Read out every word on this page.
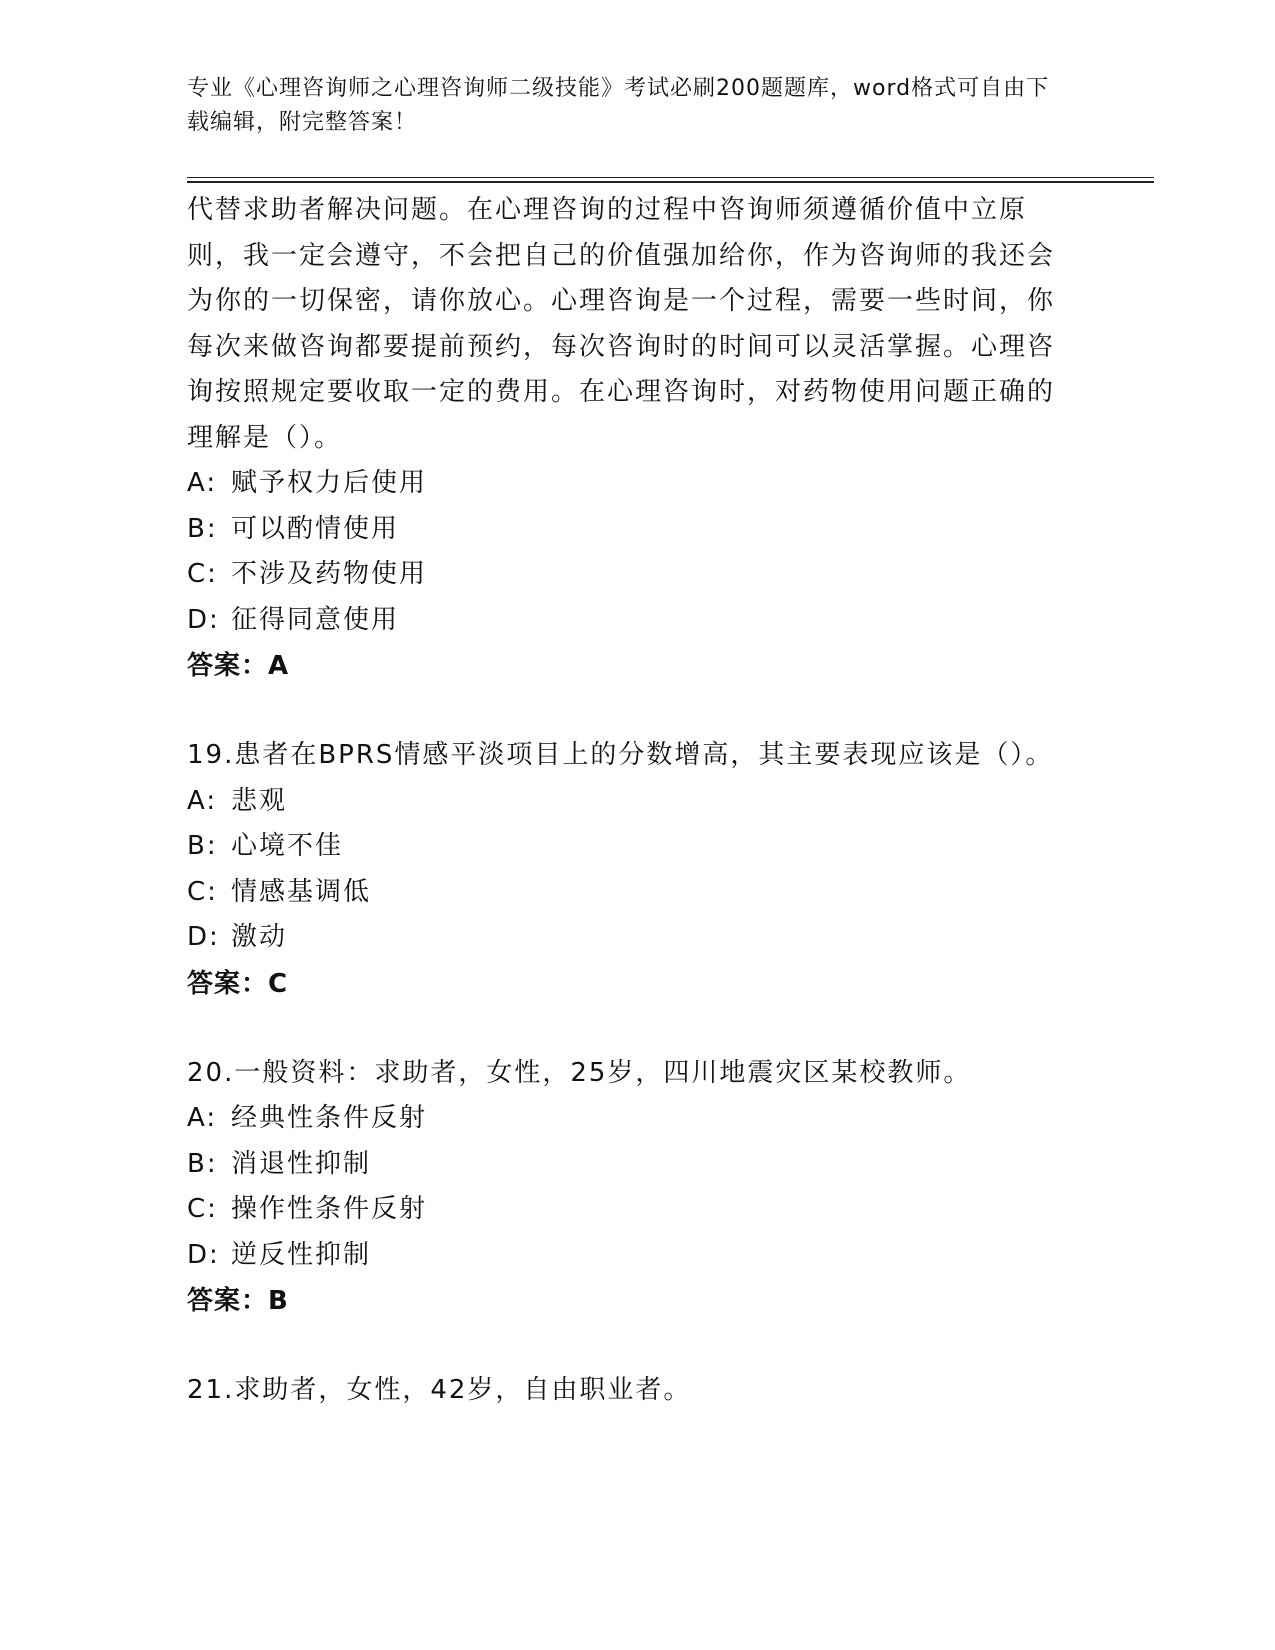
专业《心理咨询师之心理咨询师二级技能》考试必刷200题题库，word格式可自由下载编辑，附完整答案！
代替求助者解决问题。在心理咨询的过程中咨询师须遵循价值中立原则，我一定会遵守，不会把自己的价值强加给你，作为咨询师的我还会为你的一切保密，请你放心。心理咨询是一个过程，需要一些时间，你每次来做咨询都要提前预约，每次咨询时的时间可以灵活掌握。心理咨询按照规定要收取一定的费用。在心理咨询时，对药物使用问题正确的理解是（）。
A: 赋予权力后使用
B: 可以酌情使用
C: 不涉及药物使用
D: 征得同意使用
答案：A
19.患者在BPRS情感平淡项目上的分数增高，其主要表现应该是（）。
A: 悲观
B: 心境不佳
C: 情感基调低
D: 激动
答案：C
20.一般资料：求助者，女性，25岁，四川地震灾区某校教师。
A: 经典性条件反射
B: 消退性抑制
C: 操作性条件反射
D: 逆反性抑制
答案：B
21.求助者，女性，42岁，自由职业者。
